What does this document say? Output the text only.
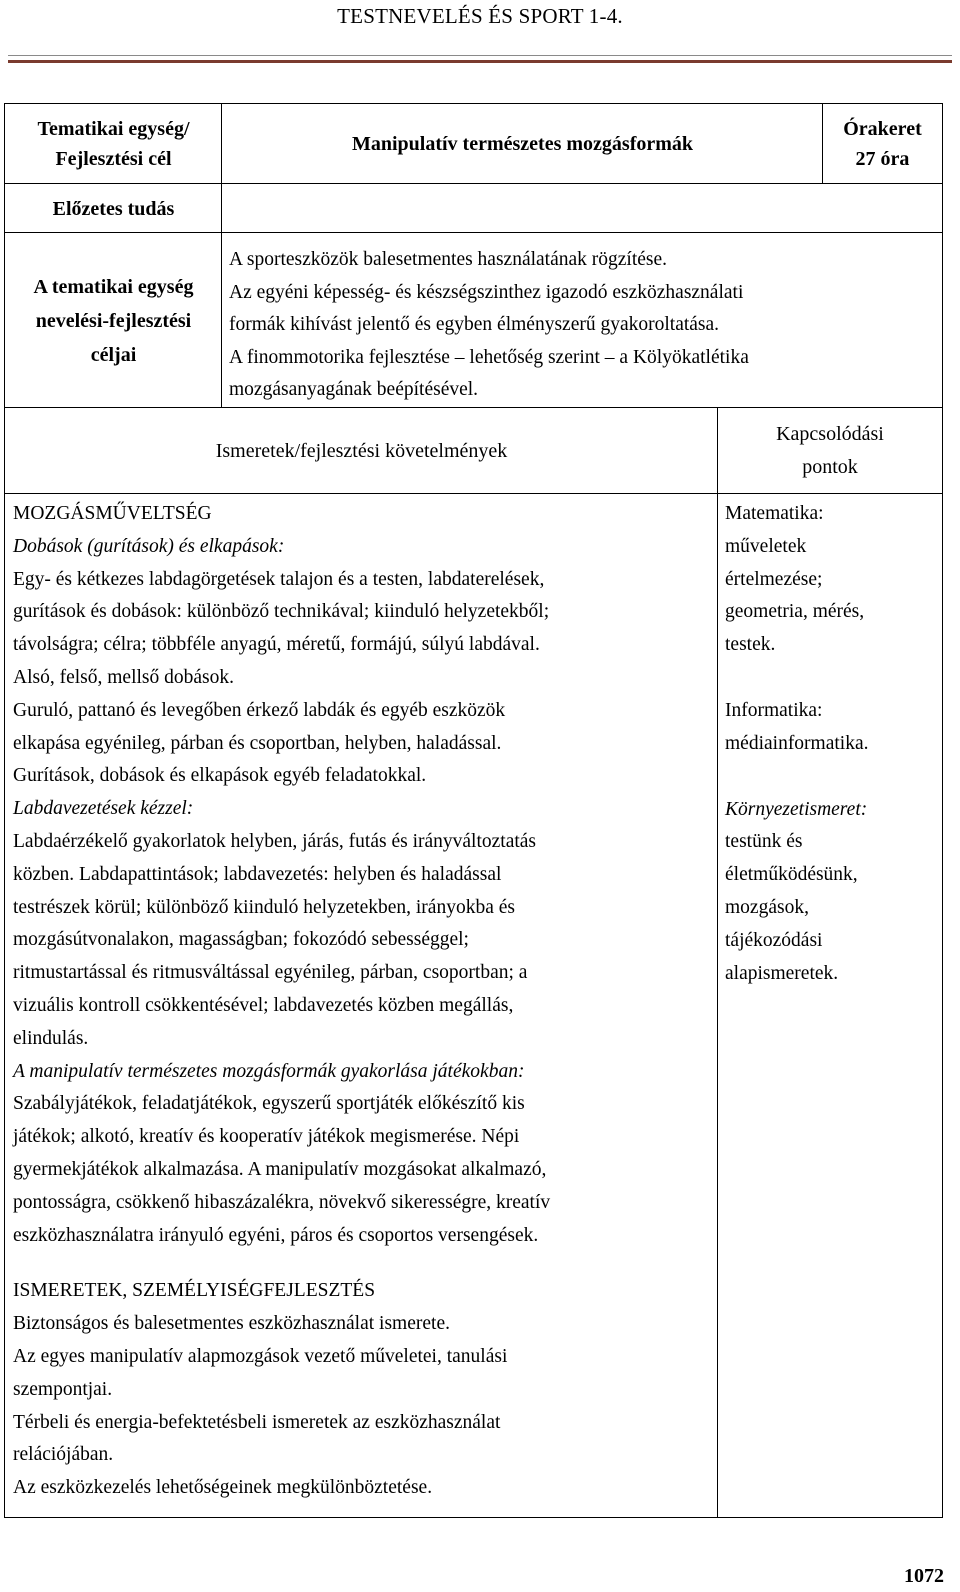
TESTNEVELÉS ÉS SPORT 1-4.
Tematikai egység/
Fejlesztési cél
Manipulatív természetes mozgásformák
Órakeret
27 óra
Előzetes tudás
A tematikai egység
nevelési-fejlesztési
céljai

A sporteszközök balesetmentes használatának rögzítése.

Az egyéni képesség- és készségszinthez igazodó eszközhasználati

formák kihívást jelentő és egyben élményszerű gyakoroltatása.

A finommotorika fejlesztése – lehetőség szerint – a Kölyökatlétika

mozgásanyagának beépítésével.

Ismeretek/fejlesztési követelmények
Kapcsolódási
pontok

MOZGÁSMŰVELTSÉG

Dobások (gurítások) és elkapások:

Egy- és kétkezes labdagörgetések talajon és a testen, labdaterelések,

gurítások és dobások: különböző technikával; kiinduló helyzetekből;

távolságra; célra; többféle anyagú, méretű, formájú, súlyú labdával.

Alsó, felső, mellső dobások.

Guruló, pattanó és levegőben érkező labdák és egyéb eszközök

elkapása egyénileg, párban és csoportban, helyben, haladással.

Gurítások, dobások és elkapások egyéb feladatokkal.

Labdavezetések kézzel:

Labdaérzékelő gyakorlatok helyben, járás, futás és irányváltoztatás

közben. Labdapattintások; labdavezetés: helyben és haladással

testrészek körül; különböző kiinduló helyzetekben, irányokba és

mozgásútvonalakon, magasságban; fokozódó sebességgel;

ritmustartással és ritmusváltással egyénileg, párban, csoportban; a

vizuális kontroll csökkentésével; labdavezetés közben megállás,

elindulás.

A manipulatív természetes mozgásformák gyakorlása játékokban:

Szabályjátékok, feladatjátékok, egyszerű sportjáték előkészítő kis

játékok; alkotó, kreatív és kooperatív játékok megismerése. Népi

gyermekjátékok alkalmazása. A manipulatív mozgásokat alkalmazó,

pontosságra, csökkenő hibaszázalékra, növekvő sikerességre, kreatív

eszközhasználatra irányuló egyéni, páros és csoportos versengések.

ISMERETEK, SZEMÉLYISÉGFEJLESZTÉS

Biztonságos és balesetmentes eszközhasználat ismerete.

Az egyes manipulatív alapmozgások vezető műveletei, tanulási

szempontjai.

Térbeli és energia-befektetésbeli ismeretek az eszközhasználat

relációjában.

Az eszközkezelés lehetőségeinek megkülönböztetése.

Matematika:

műveletek

értelmezése;

geometria, mérés,

testek.

Informatika:

médiainformatika.

Környezetismeret:

testünk és

életműködésünk,

mozgások,

tájékozódási

alapismeretek.

1072
